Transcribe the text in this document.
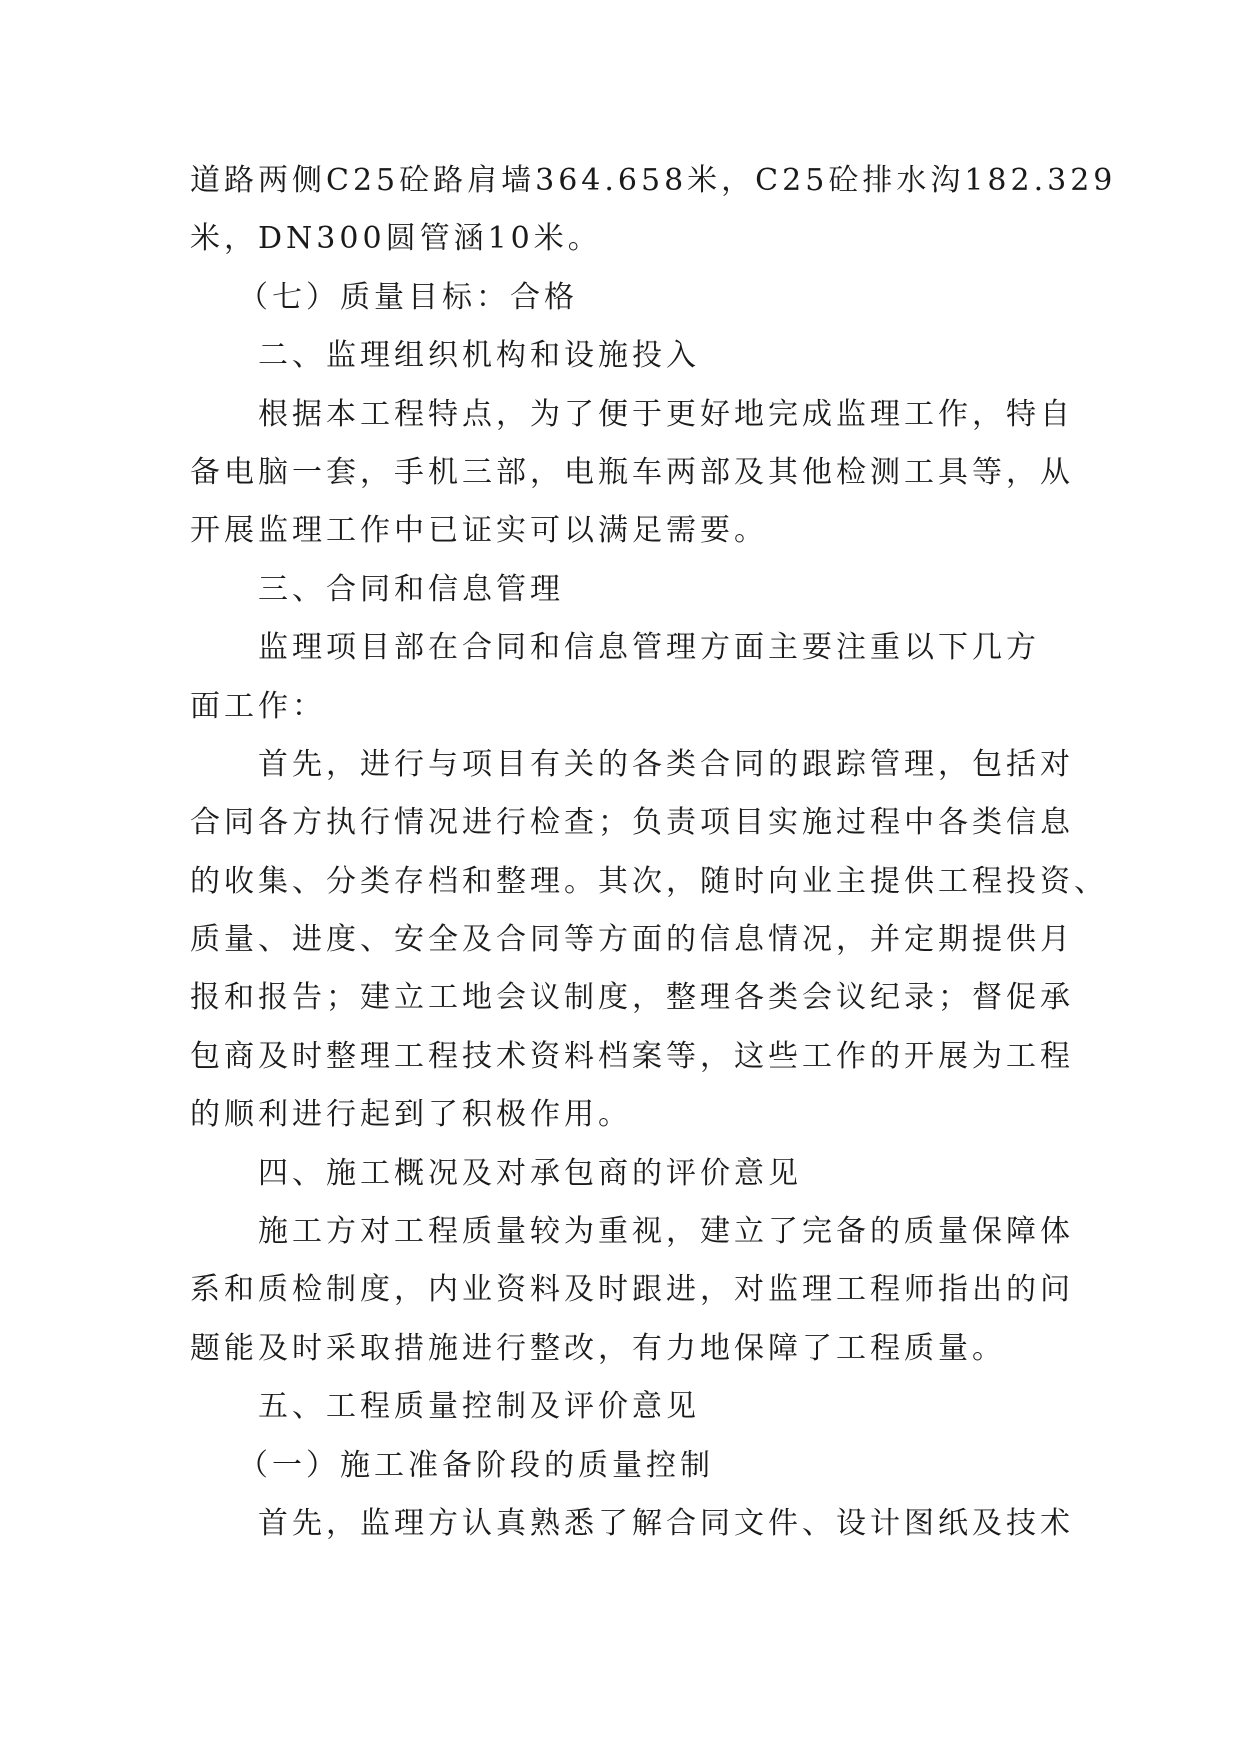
道路两侧C25砼路肩墙364.658米，C25砼排水沟182.329
米，DN300圆管涵10米。
（七）质量目标：合格
二、监理组织机构和设施投入
根据本工程特点，为了便于更好地完成监理工作，特自
备电脑一套，手机三部，电瓶车两部及其他检测工具等，从
开展监理工作中已证实可以满足需要。
三、合同和信息管理
监理项目部在合同和信息管理方面主要注重以下几方
面工作：
首先，进行与项目有关的各类合同的跟踪管理，包括对
合同各方执行情况进行检查；负责项目实施过程中各类信息
的收集、分类存档和整理。其次，随时向业主提供工程投资、
质量、进度、安全及合同等方面的信息情况，并定期提供月
报和报告；建立工地会议制度，整理各类会议纪录；督促承
包商及时整理工程技术资料档案等，这些工作的开展为工程
的顺利进行起到了积极作用。
四、施工概况及对承包商的评价意见
施工方对工程质量较为重视，建立了完备的质量保障体
系和质检制度，内业资料及时跟进，对监理工程师指出的问
题能及时采取措施进行整改，有力地保障了工程质量。
五、工程质量控制及评价意见
（一）施工准备阶段的质量控制
首先，监理方认真熟悉了解合同文件、设计图纸及技术
